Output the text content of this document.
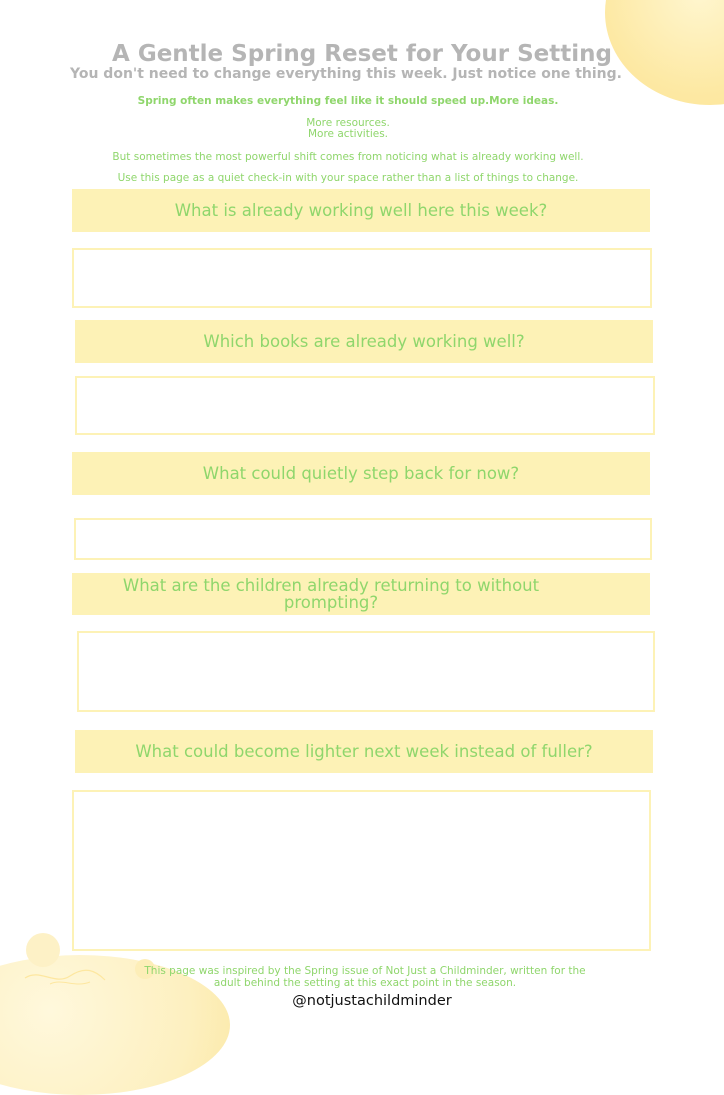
A Gentle Spring Reset for Your Setting

You don't need to change everything this week. Just notice one thing.

Spring often makes everything feel like it should speed up.More ideas.

More resources.

More activities.

But sometimes the most powerful shift comes from noticing what is already working well.

Use this page as a quiet check-in with your space rather than a list of things to change.

What is already working well here this week?
Which books are already working well?
What could quietly step back for now?
What are the children already returning to without prompting?
What could become lighter next week instead of fuller?

This page was inspired by the Spring issue of Not Just a Childminder, written for the adult behind the setting at this exact point in the season.

@notjustachildminder
